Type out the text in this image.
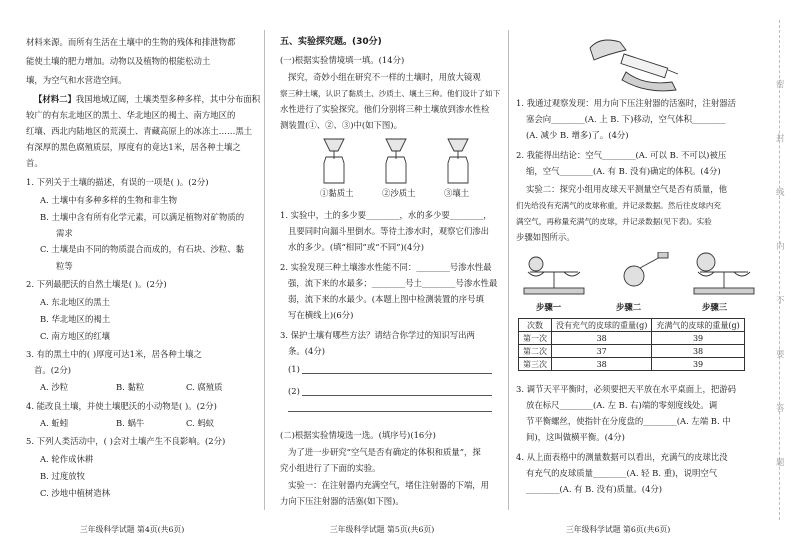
材料来源。而所有生活在土壤中的生物的残体和排泄物都
能使土壤的肥力增加。动物以及植物的根能松动土
壤，为空气和水营造空间。
【材料二】我国地域辽阔，土壤类型多种多样，其中分布面积
较广的有东北地区的黑土、华北地区的褐土、南方地区的
红壤、西北内陆地区的荒漠土、青藏高原上的冰冻土……黑土
有深厚的黑色腐殖质层，厚度有的竟达1米，居各种土壤之
首。
1. 下列关于土壤的描述，有误的一项是( )。(2分)
A. 土壤中有多种多样的生物和非生物
B. 土壤中含有所有化学元素，可以满足植物对矿物质的
需求
C. 土壤是由不同的物质混合而成的，有石块、沙粒、黏
粒等
2. 下列最肥沃的自然土壤是( )。(2分)
A. 东北地区的黑土
B. 华北地区的褐土
C. 南方地区的红壤
3. 有的黑土中的( )厚度可达1米，居各种土壤之
首。(2分)
A. 沙粒	B. 黏粒	C. 腐殖质
4. 能改良土壤，并使土壤肥沃的小动物是( )。(2分)
A. 蚯蚓	B. 蜗牛	C. 蚂蚁
5. 下列人类活动中，( )会对土壤产生不良影响。(2分)
A. 轮作成休耕
B. 过度放牧
C. 沙地中植树造林
三年级科学试题 第4页(共6页)
五、实验探究题。(30分)
(一)根据实验情境填一填。(14分)
探究，奇妙小组在研究不一样的土壤时，用放大镜观
察三种土壤，认识了黏质土、沙质土、壤土三种。他们设计了如下
水性进行了实验探究。他们分别将三种土壤放到渗水性检
测装置(①、②、③)中(如下图)。
①黏质土	②沙质土	③壤土
1. 实验中，土的多少要________，水的多少要________，
且要同时向漏斗里倒水。等待土渗水时，观察它们渗出
水的多少。(填“相同”或“不同”)(4分)
2. 实验发现三种土壤渗水性能不同：________号渗水性最
强，流下来的水最多；________号土________号渗水性最
弱，流下来的水最少。(本题上图中检测装置的序号填
写在横线上)(6分)
3. 保护土壤有哪些方法？请结合你学过的知识写出两
条。(4分)
(1)
(2)
(二)根据实验情境选一选。(填序号)(16分)
为了进一步研究“空气是否有确定的体积和质量”，探
究小组进行了下面的实验。
实验一：在注射器内充满空气，堵住注射器的下端，用
力向下压注射器的活塞(如下图)。
三年级科学试题 第5页(共6页)
1. 我通过观察发现：用力向下压注射器的活塞时，注射器活
塞会向________(A. 上 B. 下)移动，空气体积________
(A. 减少 B. 增多)了。(4分)
2. 我能得出结论：空气________(A. 可以 B. 不可以)被压
缩，空气________(A. 有 B. 没有)确定的体积。(4分)
实验二：探究小组用皮球天平测量空气是否有质量，他
们先给没有充满气的皮球称重，并记录数据。然后往皮球内充
满空气，再称量充满气的皮球，并记录数据(见下表)。实验
步骤如图所示。
步骤一	步骤二	步骤三
次数	没有充气的皮球的重量(g)	充满气的皮球的重量(g)
第一次	38	39
第二次	37	38
第三次	38	39
3. 调节天平平衡时，必须要把天平放在水平桌面上，把游码
放在标尺________(A. 左 B. 右)端的零刻度线处。调
节平衡螺丝，使指针在分度盘的________(A. 左端 B. 中
间)，这叫做横平衡。(4分)
4. 从上面表格中的测量数据可以看出，充满气的皮球比没
有充气的皮球质量________(A. 轻 B. 重)，说明空气
________(A. 有 B. 没有)质量。(4分)
三年级科学试题 第6页(共6页)
密
封
线
内
不
要
答
题
